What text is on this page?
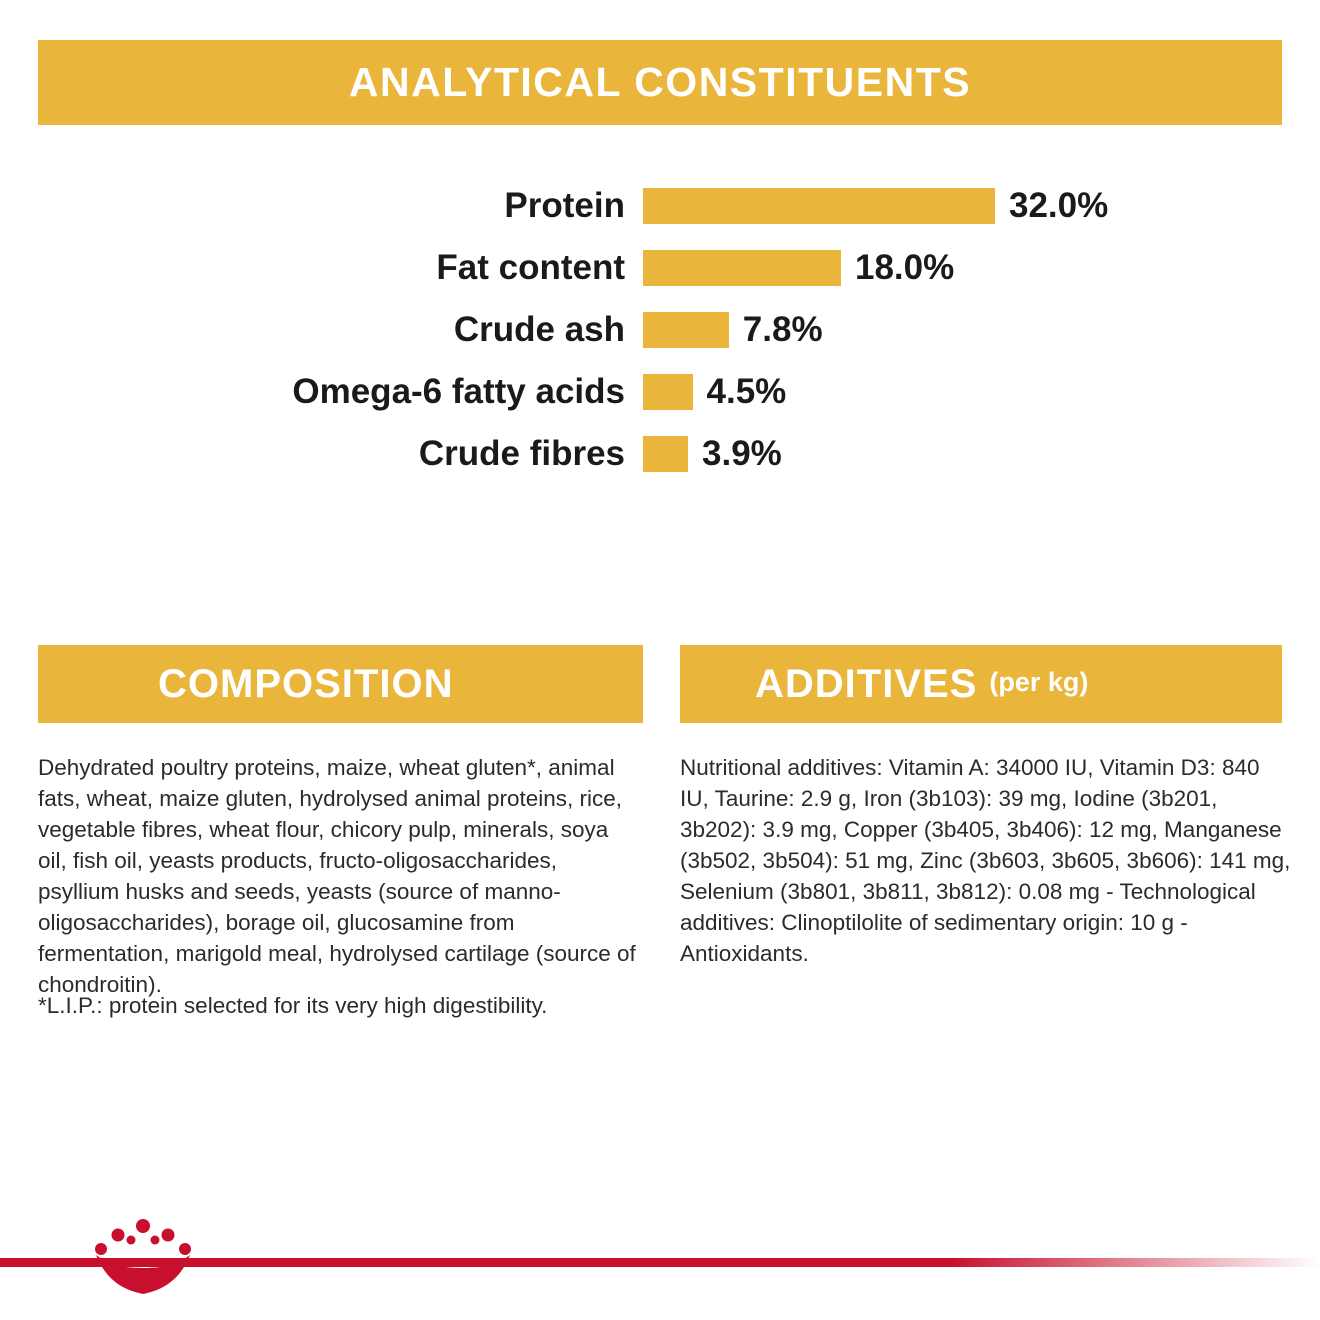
ANALYTICAL CONSTITUENTS
Protein	32.0%
Fat content	18.0%
Crude ash	7.8%
Omega-6 fatty acids	4.5%
Crude fibres	3.9%
COMPOSITION
Dehydrated poultry proteins, maize, wheat gluten*, animal fats, wheat, maize gluten, hydrolysed animal proteins, rice, vegetable fibres, wheat flour, chicory pulp, minerals, soya oil, fish oil, yeasts products, fructo-oligosaccharides, psyllium husks and seeds, yeasts (source of manno-oligosaccharides), borage oil, glucosamine from fermentation, marigold meal, hydrolysed cartilage (source of chondroitin).
*L.I.P.: protein selected for its very high digestibility.
ADDITIVES (per kg)
Nutritional additives: Vitamin A: 34000 IU, Vitamin D3: 840 IU, Taurine: 2.9 g, Iron (3b103): 39 mg, Iodine (3b201, 3b202): 3.9 mg, Copper (3b405, 3b406): 12 mg, Manganese (3b502, 3b504): 51 mg, Zinc (3b603, 3b605, 3b606): 141 mg, Selenium (3b801, 3b811, 3b812): 0.08 mg - Technological additives: Clinoptilolite of sedimentary origin: 10 g - Antioxidants.
